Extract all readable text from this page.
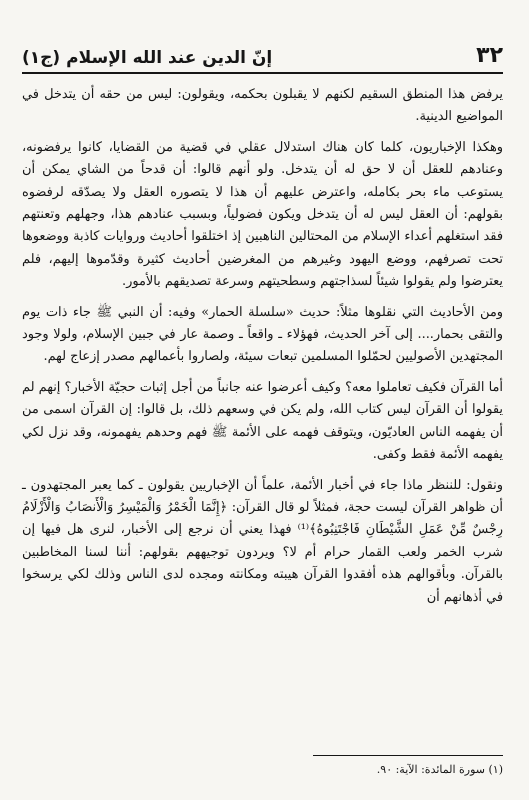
٣٢
إنّ الدين عند الله الإسلام (ج١)

يرفض هذا المنطق السقيم لكنهم لا يقبلون بحكمه، ويقولون: ليس من حقه أن يتدخل في المواضيع الدينية.

وهكذا الإخباريون، كلما كان هناك استدلال عقلي في قضية من القضايا، كانوا يرفضونه، وعنادهم للعقل أن لا حق له أن يتدخل. ولو أنهم قالوا: أن قدحاً من الشاي يمكن أن يستوعب ماء بحر بكامله، واعترض عليهم أن هذا لا يتصوره العقل ولا يصدّقه لرفضوه بقولهم: أن العقل ليس له أن يتدخل ويكون فضولياً، وبسبب عنادهم هذا، وجهلهم وتعنتهم فقد استغلهم أعداء الإسلام من المحتالين الناهبين إذ اختلقوا أحاديث وروايات كاذبة ووضعوها تحت تصرفهم، ووضع اليهود وغيرهم من المغرضين أحاديث كثيرة وقدّموها إليهم، فلم يعترضوا ولم يقولوا شيئاً لسذاجتهم وسطحيتهم وسرعة تصديقهم بالأمور.

ومن الأحاديث التي نقلوها مثلاً: حديث «سلسلة الحمار» وفيه: أن النبي ﷺ جاء ذات يوم والتقى بحمار.... إلى آخر الحديث، فهؤلاء ـ واقعاً ـ وصمة عار في جبين الإسلام، ولولا وجود المجتهدين الأصوليين لحمّلوا المسلمين تبعات سيئة، ولصاروا بأعمالهم مصدر إزعاج لهم.

أما القرآن فكيف تعاملوا معه؟ وكيف أعرضوا عنه جانباً من أجل إثبات حجيّة الأخبار؟ إنهم لم يقولوا أن القرآن ليس كتاب الله، ولم يكن في وسعهم ذلك، بل قالوا: إن القرآن اسمى من أن يفهمه الناس العاديّون، ويتوقف فهمه على الأئمة ﷺ فهم وحدهم يفهمونه، وقد نزل لكي يفهمه الأئمة فقط وكفى.

ونقول: للننظر ماذا جاء في أخبار الأئمة، علماً أن الإخباريين يقولون ـ كما يعبر المجتهدون ـ أن ظواهر القرآن ليست حجة، فمثلاً لو قال القرآن: ﴿إِنَّمَا الْخَمْرُ وَالْمَيْسِرُ وَالْأَنصَابُ وَالْأَزْلَامُ رِجْسٌ مِّنْ عَمَلِ الشَّيْطَانِ فَاجْتَنِبُوهُ﴾⁽¹⁾ فهذا يعني أن نرجع إلى الأخبار، لنرى هل فيها إن شرب الخمر ولعب القمار حرام أم لا؟ ويردون توجيههم بقولهم: أننا لسنا المخاطبين بالقرآن. وبأقوالهم هذه أفقدوا القرآن هيبته ومكانته ومجده لدى الناس وذلك لكي يرسخوا في أذهانهم أن

(١) سورة المائدة: الآية: ٩٠.
